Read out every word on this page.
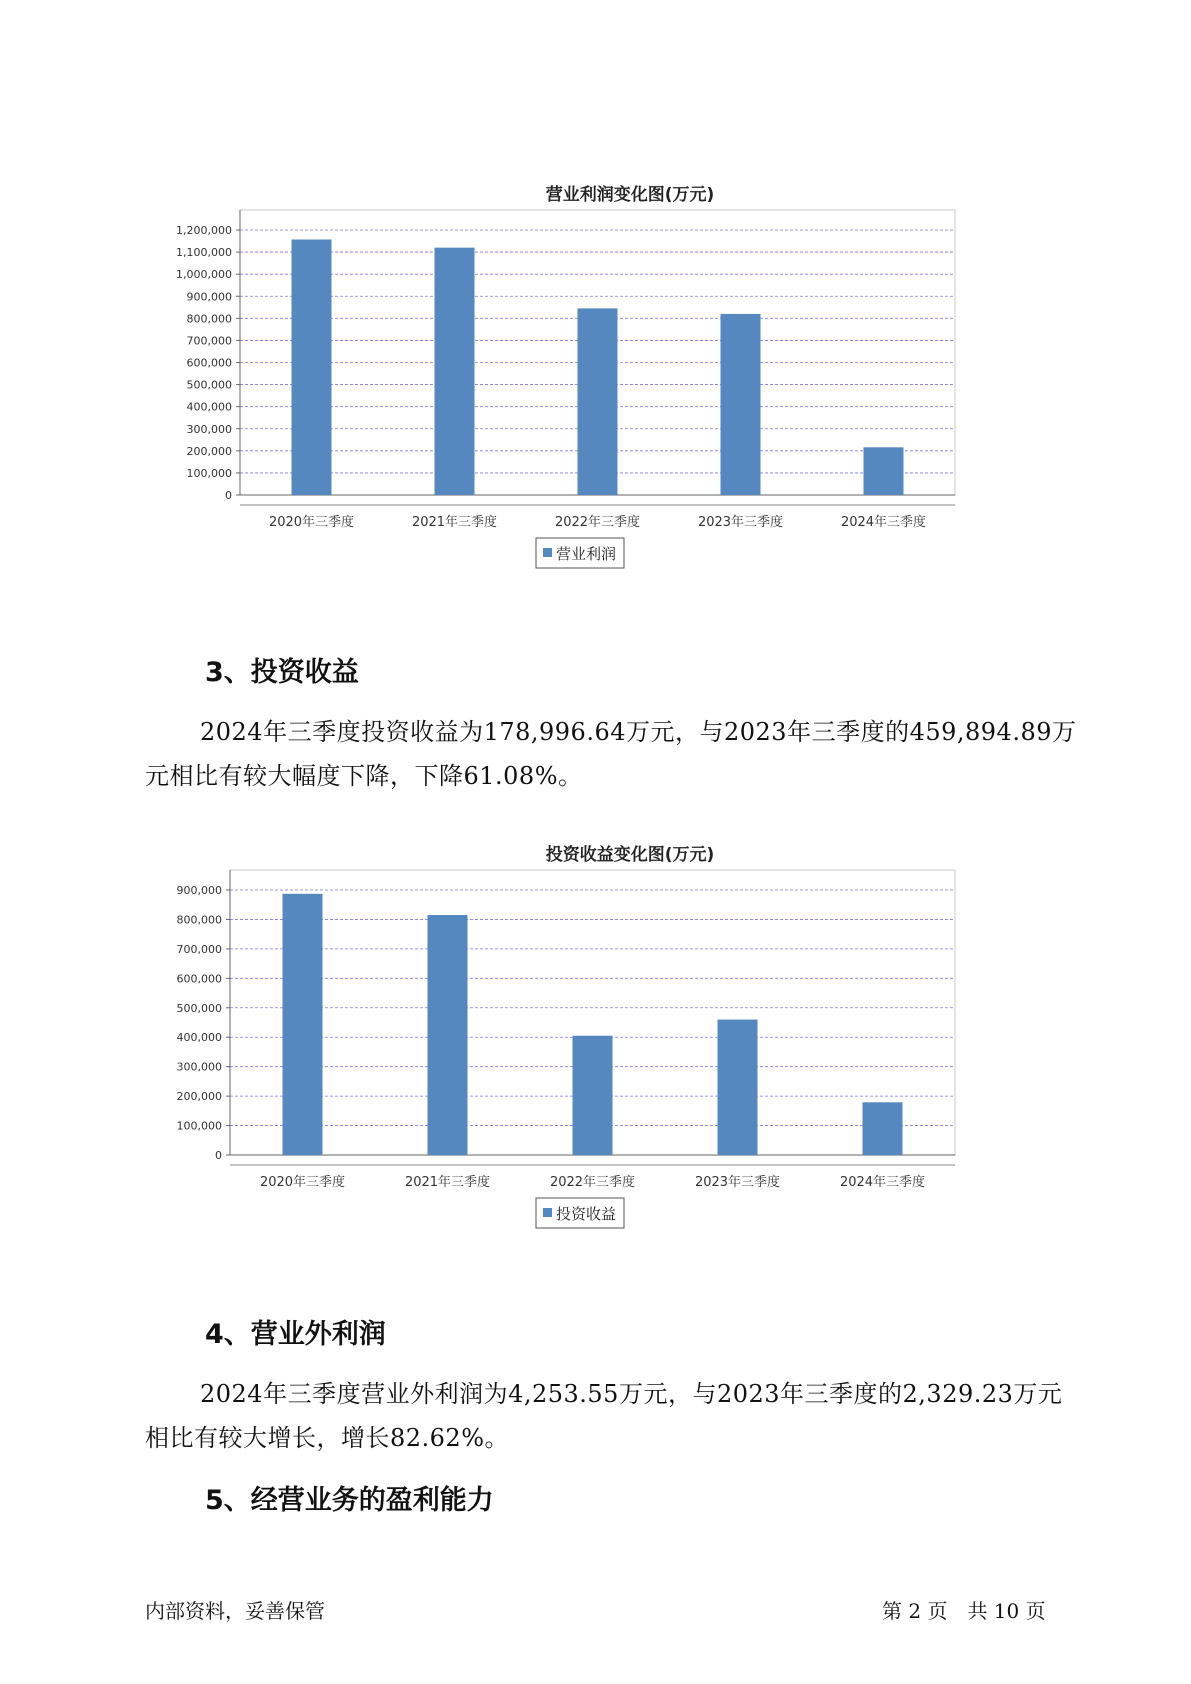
营业利润变化图(万元)
0
100,000
200,000
300,000
400,000
500,000
600,000
700,000
800,000
900,000
1,000,000
1,100,000
1,200,000
2020年三季度	2021年三季度	2022年三季度	2023年三季度	2024年三季度
营业利润
3、投资收益

2024年三季度投资收益为178,996.64万元，与2023年三季度的459,894.89万元相比有较大幅度下降，下降61.08%。

投资收益变化图(万元)
0
100,000
200,000
300,000
400,000
500,000
600,000
700,000
800,000
900,000
2020年三季度	2021年三季度	2022年三季度	2023年三季度	2024年三季度
投资收益
4、营业外利润

2024年三季度营业外利润为4,253.55万元，与2023年三季度的2,329.23万元相比有较大增长，增长82.62%。

5、经营业务的盈利能力
内部资料，妥善保管	第 2 页　共 10 页
